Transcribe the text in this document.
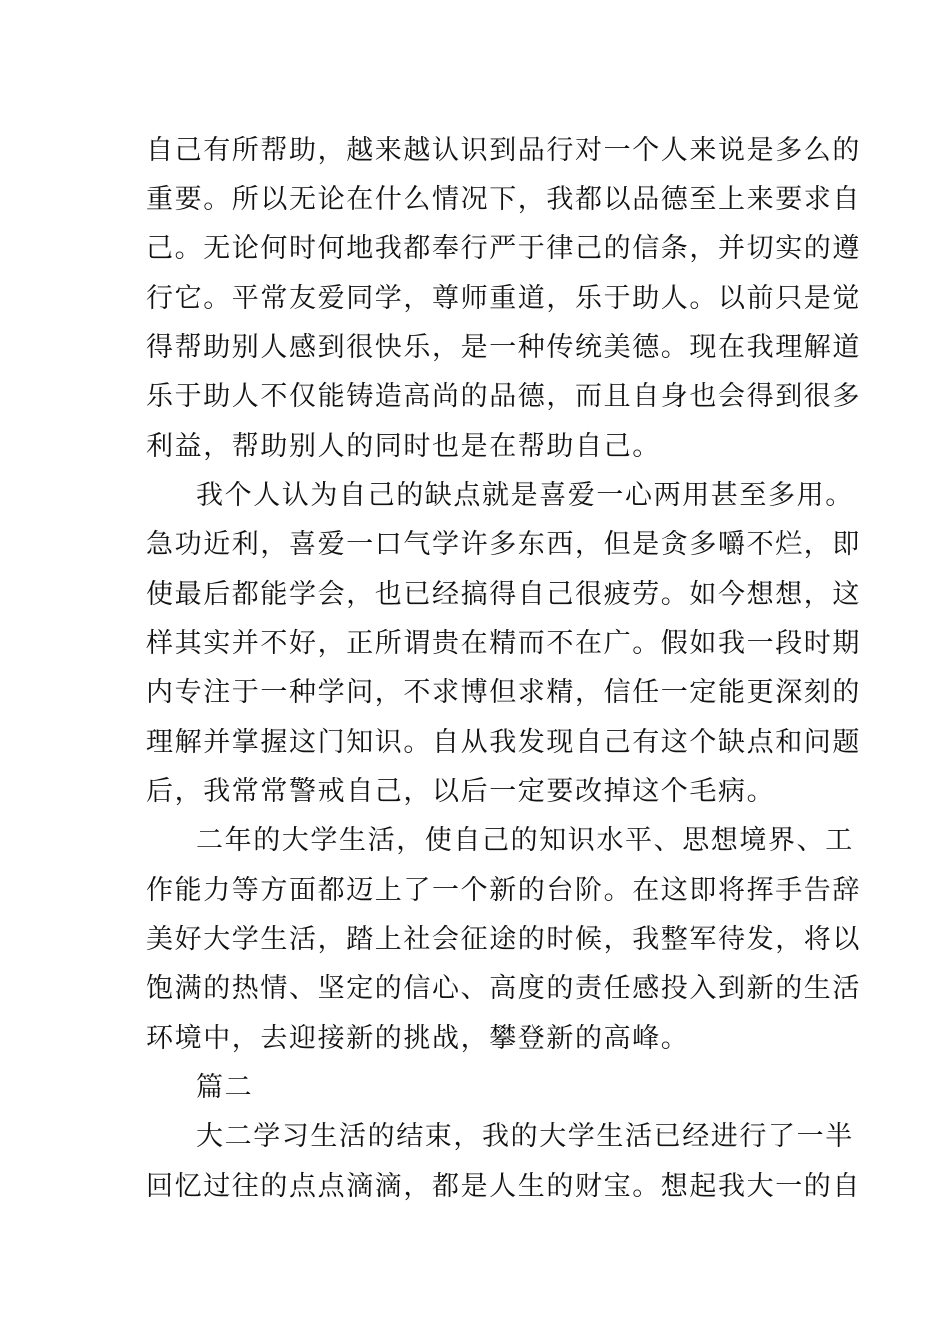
自己有所帮助，越来越认识到品行对一个人来说是多么的
重要。所以无论在什么情况下，我都以品德至上来要求自
己。无论何时何地我都奉行严于律己的信条，并切实的遵
行它。平常友爱同学，尊师重道，乐于助人。以前只是觉
得帮助别人感到很快乐，是一种传统美德。现在我理解道
乐于助人不仅能铸造高尚的品德，而且自身也会得到很多
利益，帮助别人的同时也是在帮助自己。
我个人认为自己的缺点就是喜爱一心两用甚至多用。
急功近利，喜爱一口气学许多东西，但是贪多嚼不烂，即
使最后都能学会，也已经搞得自己很疲劳。如今想想，这
样其实并不好，正所谓贵在精而不在广。假如我一段时期
内专注于一种学问，不求博但求精，信任一定能更深刻的
理解并掌握这门知识。自从我发现自己有这个缺点和问题
后，我常常警戒自己，以后一定要改掉这个毛病。
二年的大学生活，使自己的知识水平、思想境界、工
作能力等方面都迈上了一个新的台阶。在这即将挥手告辞
美好大学生活，踏上社会征途的时候，我整军待发，将以
饱满的热情、坚定的信心、高度的责任感投入到新的生活
环境中，去迎接新的挑战，攀登新的高峰。
篇二
大二学习生活的结束，我的大学生活已经进行了一半
回忆过往的点点滴滴，都是人生的财宝。想起我大一的自
